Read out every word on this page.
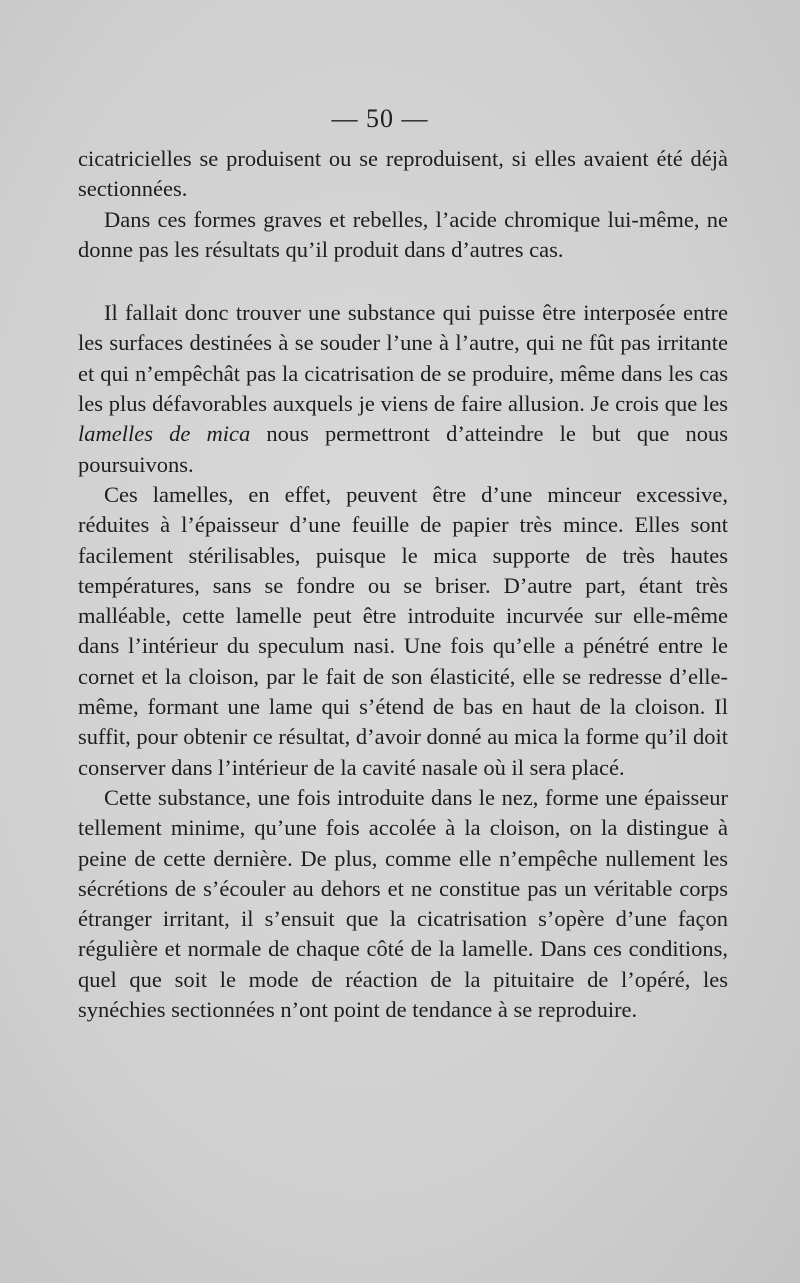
— 50 —

cicatricielles se produisent ou se reproduisent, si elles avaient été déjà sectionnées.

Dans ces formes graves et rebelles, l’acide chromique lui-même, ne donne pas les résultats qu’il produit dans d’autres cas.

Il fallait donc trouver une substance qui puisse être interposée entre les surfaces destinées à se souder l’une à l’autre, qui ne fût pas irritante et qui n’empêchât pas la cicatrisation de se produire, même dans les cas les plus défavorables auxquels je viens de faire allusion. Je crois que les lamelles de mica nous permettront d’atteindre le but que nous poursuivons.

Ces lamelles, en effet, peuvent être d’une minceur excessive, réduites à l’épaisseur d’une feuille de papier très mince. Elles sont facilement stérilisables, puisque le mica supporte de très hautes températures, sans se fondre ou se briser. D’autre part, étant très malléable, cette lamelle peut être introduite incurvée sur elle-même dans l’intérieur du speculum nasi. Une fois qu’elle a pénétré entre le cornet et la cloison, par le fait de son élasticité, elle se redresse d’elle-même, formant une lame qui s’étend de bas en haut de la cloison. Il suffit, pour obtenir ce résultat, d’avoir donné au mica la forme qu’il doit conserver dans l’intérieur de la cavité nasale où il sera placé.

Cette substance, une fois introduite dans le nez, forme une épaisseur tellement minime, qu’une fois accolée à la cloison, on la distingue à peine de cette dernière. De plus, comme elle n’empêche nullement les sécrétions de s’écouler au dehors et ne constitue pas un véritable corps étranger irritant, il s’ensuit que la cicatrisation s’opère d’une façon régulière et normale de chaque côté de la lamelle. Dans ces conditions, quel que soit le mode de réaction de la pituitaire de l’opéré, les synéchies sectionnées n’ont point de tendance à se reproduire.
